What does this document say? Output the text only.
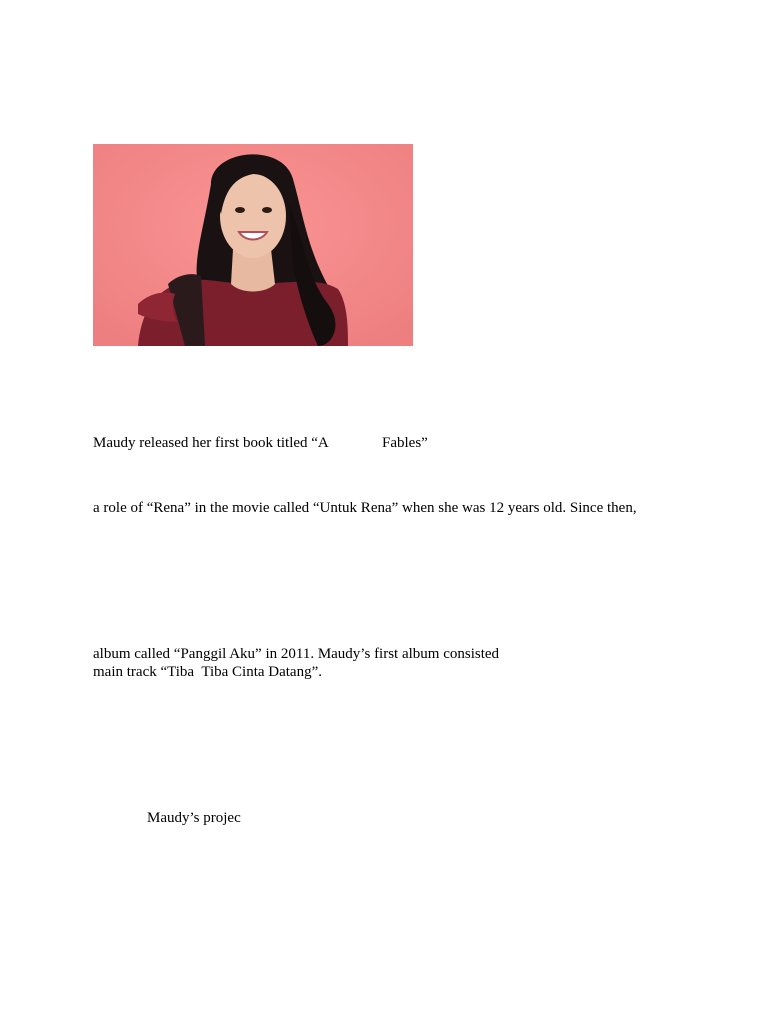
Maudy released her first book titled “A	Fables”
a role of “Rena” in the movie called “Untuk Rena” when she was 12 years old. Since then,
album called “Panggil Aku” in 2011. Maudy’s first album consisted
main track “Tiba  Tiba Cinta Datang”.
Maudy’s projec
